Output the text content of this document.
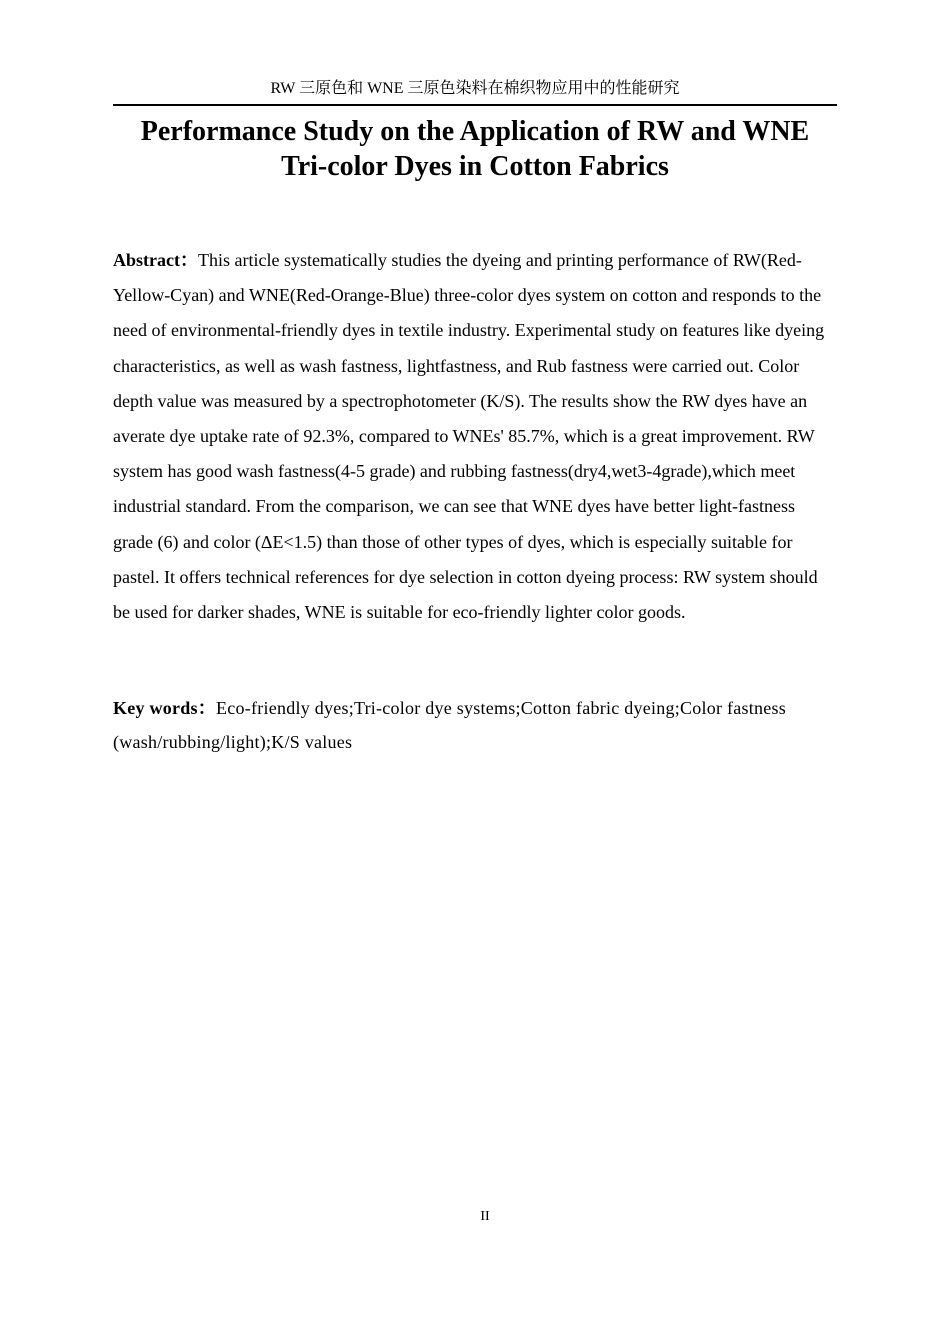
RW 三原色和 WNE 三原色染料在棉织物应用中的性能研究
Performance Study on the Application of RW and WNE
Tri-color Dyes in Cotton Fabrics

Abstract：This article systematically studies the dyeing and printing performance of RW(Red-Yellow-Cyan) and WNE(Red-Orange-Blue) three-color dyes system on cotton and responds to the need of environmental-friendly dyes in textile industry. Experimental study on features like dyeing characteristics, as well as wash fastness, lightfastness, and Rub fastness were carried out. Color depth value was measured by a spectrophotometer (K/S). The results show the RW dyes have an averate dye uptake rate of 92.3%, compared to WNEs' 85.7%, which is a great improvement. RW system has good wash fastness(4-5 grade) and rubbing fastness(dry4,wet3-4grade),which meet industrial standard. From the comparison, we can see that WNE dyes have better light-fastness grade (6) and color (ΔE<1.5) than those of other types of dyes, which is especially suitable for pastel. It offers technical references for dye selection in cotton dyeing process: RW system should be used for darker shades, WNE is suitable for eco-friendly lighter color goods.

Key words：Eco-friendly dyes;Tri-color dye systems;Cotton fabric dyeing;Color fastness (wash/rubbing/light);K/S values

II
